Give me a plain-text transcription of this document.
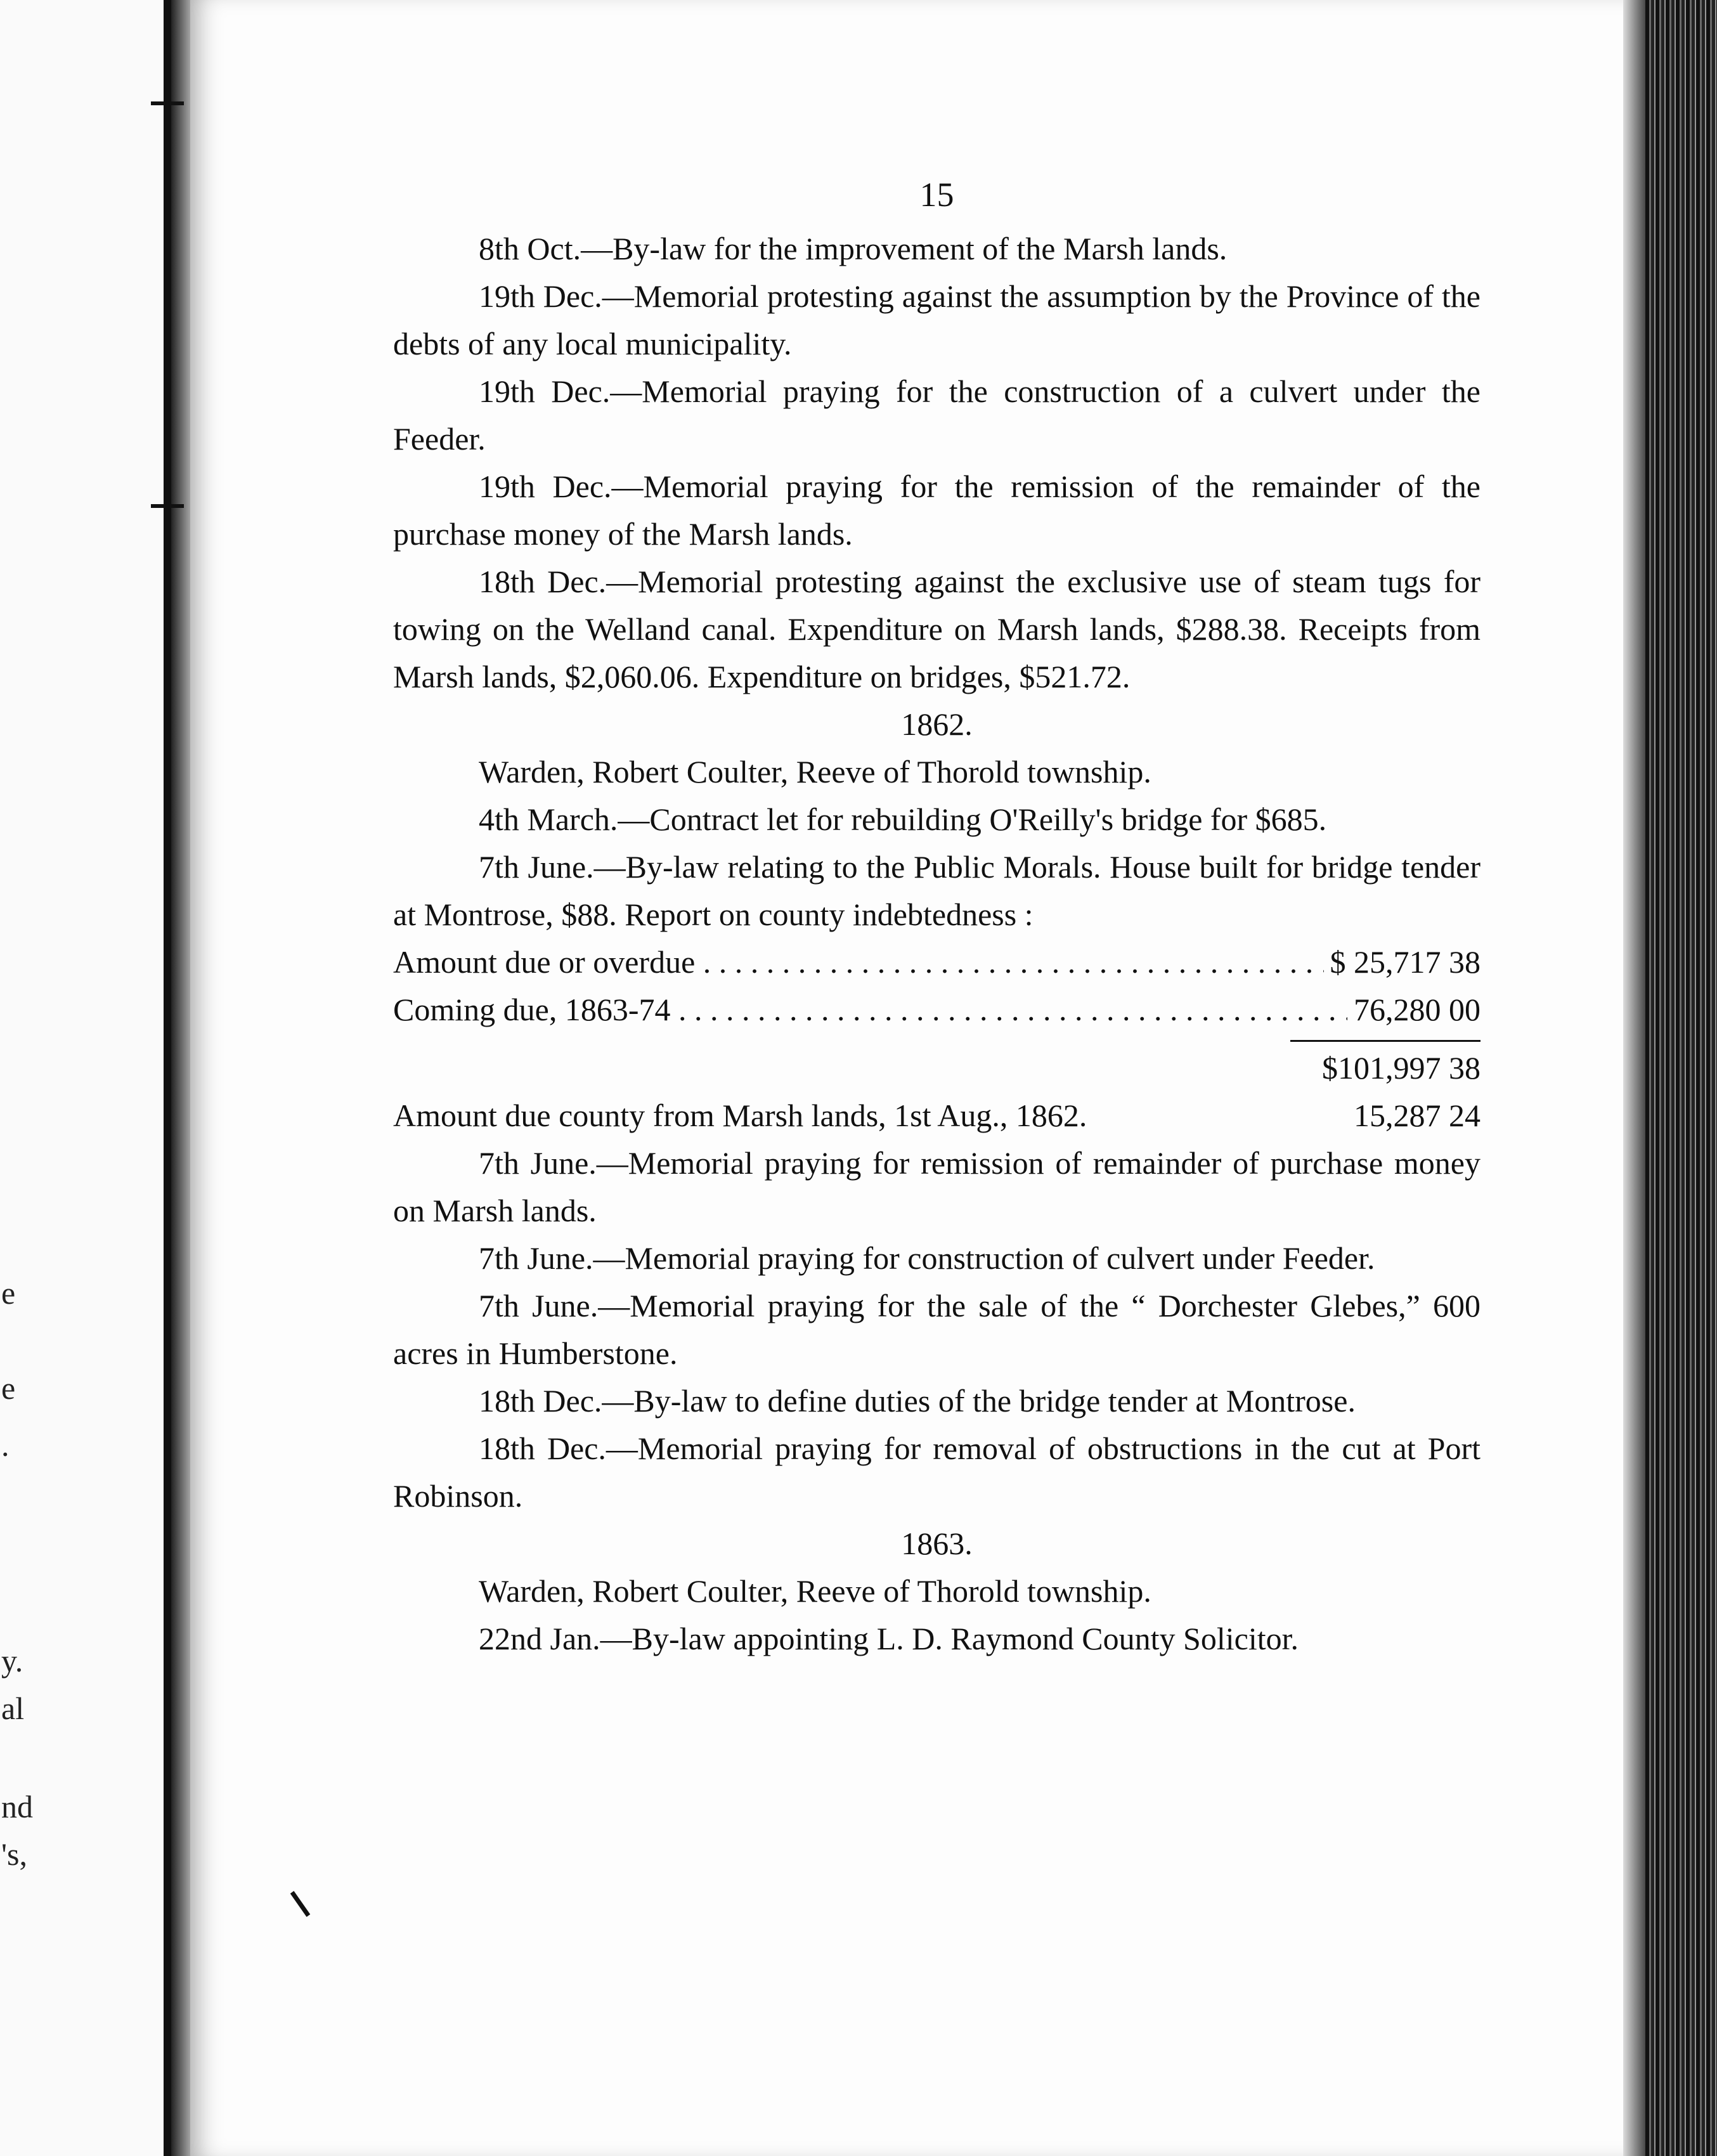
e
e
.
y.
al
nd
's,
15

8th Oct.—By-law for the improvement of the Marsh lands.

19th Dec.—Memorial protesting against the assumption by the Province of the debts of any local municipality.

19th Dec.—Memorial praying for the construction of a culvert under the Feeder.

19th Dec.—Memorial praying for the remission of the remainder of the purchase money of the Marsh lands.

18th Dec.—Memorial protesting against the exclusive use of steam tugs for towing on the Welland canal. Expenditure on Marsh lands, $288.38. Receipts from Marsh lands, $2,060.06. Expenditure on bridges, $521.72.

1862.

Warden, Robert Coulter, Reeve of Thorold township.

4th March.—Contract let for rebuilding O'Reilly's bridge for $685.

7th June.—By-law relating to the Public Morals. House built for bridge tender at Montrose, $88. Report on county indebtedness :

Amount due or overdue . . .	$ 25,717 38
Coming due, 1863-74 . . .	76,280 00

$101,997 38

Amount due county from Marsh lands, 1st Aug., 1862.	15,287 24

7th June.—Memorial praying for remission of remainder of purchase money on Marsh lands.

7th June.—Memorial praying for construction of culvert under Feeder.

7th June.—Memorial praying for the sale of the “ Dorchester Glebes,” 600 acres in Humberstone.

18th Dec.—By-law to define duties of the bridge tender at Montrose.

18th Dec.—Memorial praying for removal of obstructions in the cut at Port Robinson.

1863.

Warden, Robert Coulter, Reeve of Thorold township.

22nd Jan.—By-law appointing L. D. Raymond County Solicitor.
